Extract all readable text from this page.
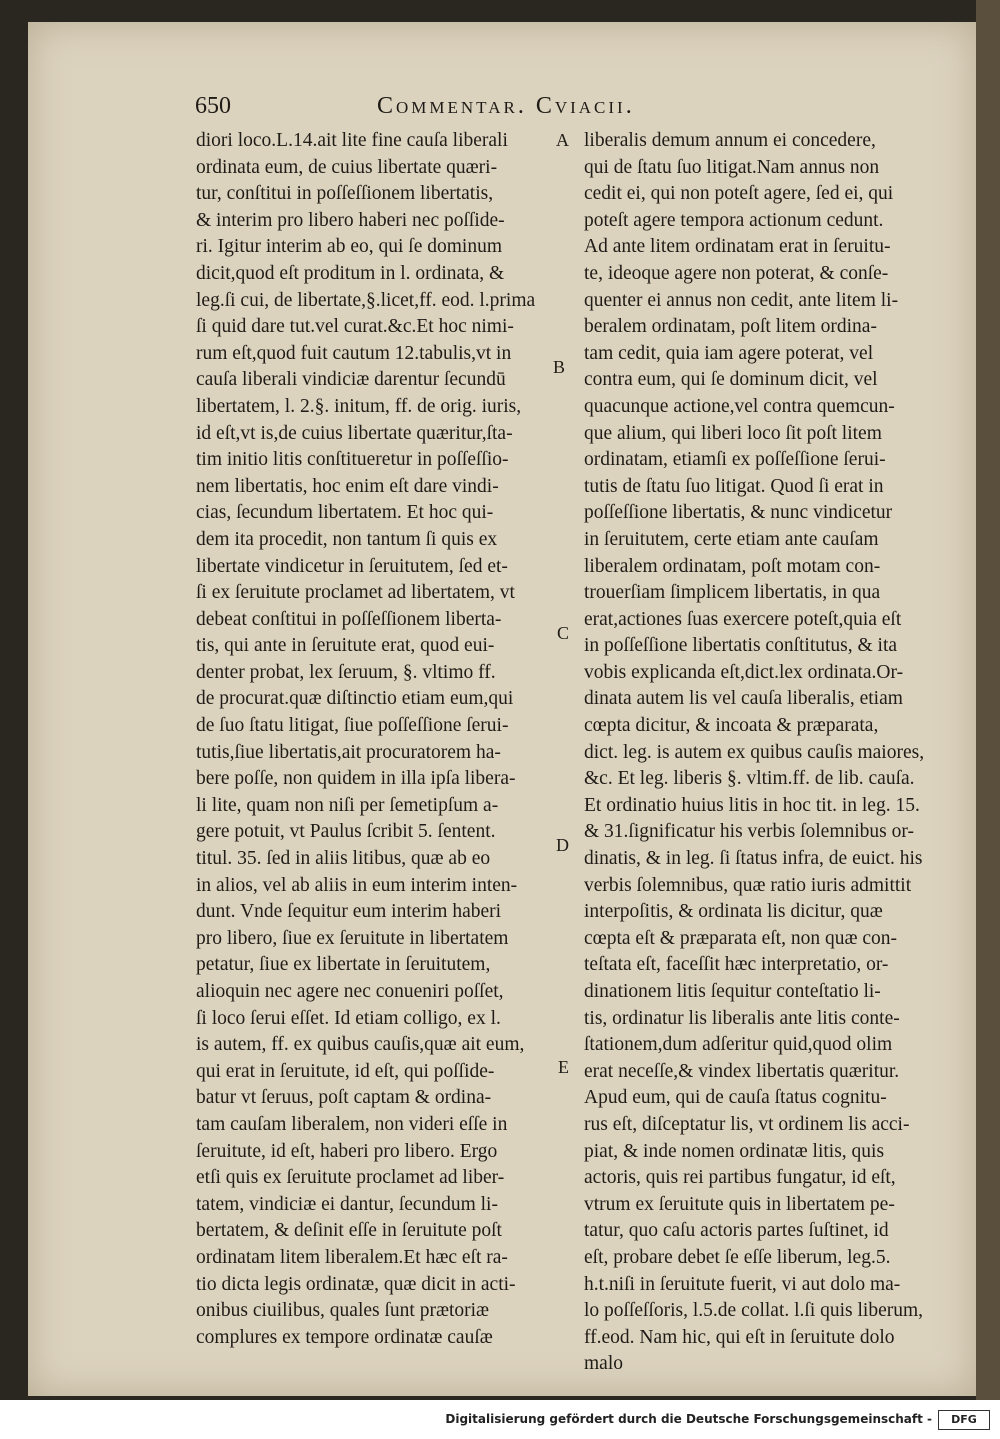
650	Commentar. Cviacii.
diori loco.L.14.ait lite fine cauſa liberali
ordinata eum, de cuius libertate quæri-
tur, conſtitui in poſſeſſionem libertatis,
& interim pro libero haberi nec poſſide-
ri. Igitur interim ab eo, qui ſe dominum
dicit,quod eſt proditum in l. ordinata, &
leg.ſi cui, de libertate,§.licet,ff. eod. l.prima
ſi quid dare tut.vel curat.&c.Et hoc nimi-
rum eſt,quod fuit cautum 12.tabulis,vt in
cauſa liberali vindiciæ darentur ſecundū
libertatem, l. 2.§. initum, ff. de orig. iuris,
id eſt,vt is,de cuius libertate quæritur,ſta-
tim initio litis conſtitueretur in poſſeſſio-
nem libertatis, hoc enim eſt dare vindi-
cias, ſecundum libertatem. Et hoc qui-
dem ita procedit, non tantum ſi quis ex
libertate vindicetur in ſeruitutem, ſed et-
ſi ex ſeruitute proclamet ad libertatem, vt
debeat conſtitui in poſſeſſionem liberta-
tis, qui ante in ſeruitute erat, quod eui-
denter probat, lex ſeruum, §. vltimo ff.
de procurat.quæ diſtinctio etiam eum,qui
de ſuo ſtatu litigat, ſiue poſſeſſione ſerui-
tutis,ſiue libertatis,ait procuratorem ha-
bere poſſe, non quidem in illa ipſa libera-
li lite, quam non niſi per ſemetipſum a-
gere potuit, vt Paulus ſcribit 5. ſentent.
titul. 35. ſed in aliis litibus, quæ ab eo
in alios, vel ab aliis in eum interim inten-
dunt. Vnde ſequitur eum interim haberi
pro libero, ſiue ex ſeruitute in libertatem
petatur, ſiue ex libertate in ſeruitutem,
alioquin nec agere nec conueniri poſſet,
ſi loco ſerui eſſet. Id etiam colligo, ex l.
is autem, ff. ex quibus cauſis,quæ ait eum,
qui erat in ſeruitute, id eſt, qui poſſide-
batur vt ſeruus, poſt captam & ordina-
tam cauſam liberalem, non videri eſſe in
ſeruitute, id eſt, haberi pro libero. Ergo
etſi quis ex ſeruitute proclamet ad liber-
tatem, vindiciæ ei dantur, ſecundum li-
bertatem, & deſinit eſſe in ſeruitute poſt
ordinatam litem liberalem.Et hæc eſt ra-
tio dicta legis ordinatæ, quæ dicit in acti-
onibus ciuilibus, quales ſunt prætoriæ
complures ex tempore ordinatæ cauſæ
liberalis demum annum ei concedere,
qui de ſtatu ſuo litigat.Nam annus non
cedit ei, qui non poteſt agere, ſed ei, qui
poteſt agere tempora actionum cedunt.
Ad ante litem ordinatam erat in ſeruitu-
te, ideoque agere non poterat, & conſe-
quenter ei annus non cedit, ante litem li-
beralem ordinatam, poſt litem ordina-
tam cedit, quia iam agere poterat, vel
contra eum, qui ſe dominum dicit, vel
quacunque actione,vel contra quemcun-
que alium, qui liberi loco ſit poſt litem
ordinatam, etiamſi ex poſſeſſione ſerui-
tutis de ſtatu ſuo litigat. Quod ſi erat in
poſſeſſione libertatis, & nunc vindicetur
in ſeruitutem, certe etiam ante cauſam
liberalem ordinatam, poſt motam con-
trouerſiam ſimplicem libertatis, in qua
erat,actiones ſuas exercere poteſt,quia eſt
in poſſeſſione libertatis conſtitutus, & ita
vobis explicanda eſt,dict.lex ordinata.Or-
dinata autem lis vel cauſa liberalis, etiam
cœpta dicitur, & incoata & præparata,
dict. leg. is autem ex quibus cauſis maiores,
&c. Et leg. liberis §. vltim.ff. de lib. cauſa.
Et ordinatio huius litis in hoc tit. in leg. 15.
& 31.ſignificatur his verbis ſolemnibus or-
dinatis, & in leg. ſi ſtatus infra, de euict. his
verbis ſolemnibus, quæ ratio iuris admittit
interpoſitis, & ordinata lis dicitur, quæ
cœpta eſt & præparata eſt, non quæ con-
teſtata eſt, faceſſit hæc interpretatio, or-
dinationem litis ſequitur conteſtatio li-
tis, ordinatur lis liberalis ante litis conte-
ſtationem,dum adſeritur quid,quod olim
erat neceſſe,& vindex libertatis quæritur.
Apud eum, qui de cauſa ſtatus cognitu-
rus eſt, diſceptatur lis, vt ordinem lis acci-
piat, & inde nomen ordinatæ litis, quis
actoris, quis rei partibus fungatur, id eſt,
vtrum ex ſeruitute quis in libertatem pe-
tatur, quo caſu actoris partes ſuſtinet, id
eſt, probare debet ſe eſſe liberum, leg.5.
h.t.niſi in ſeruitute fuerit, vi aut dolo ma-
lo poſſeſſoris, l.5.de collat. l.ſi quis liberum,
ff.eod. Nam hic, qui eſt in ſeruitute dolo
malo
A
B
C
D
E
Digitalisierung gefördert durch die Deutsche Forschungsgemeinschaft -	DFG
